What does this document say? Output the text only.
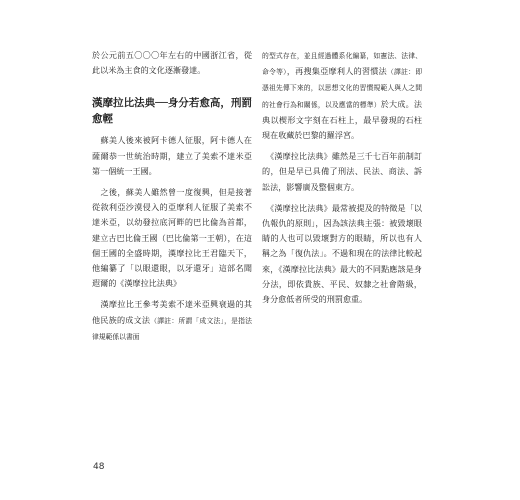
於公元前五〇〇〇年左右的中國浙江省，從此以米為主食的文化逐漸發達。

漢摩拉比法典──身分若愈高，刑罰愈輕

　蘇美人後來被阿卡德人征服，阿卡德人在薩爾恭一世統治時期，建立了美索不達米亞第一個統一王國。

　之後，蘇美人雖然曾一度復興，但是接著從敘利亞沙漠侵入的亞摩利人征服了美索不達米亞，以幼發拉底河畔的巴比倫為首都，建立古巴比倫王國（巴比倫第一王朝），在這個王國的全盛時期，漢摩拉比王君臨天下，他編纂了「以眼還眼，以牙還牙」這部名聞遐爾的《漢摩拉比法典》

　漢摩拉比王參考美索不達米亞興衰過的其他民族的成文法（譯註：所謂「成文法」，是指法律規範係以書面

的型式存在，並且經過體系化編纂，如憲法、法律、命令等），再搜集亞摩利人的習慣法（譯註：即憑祖先傳下來的，以思想文化的習慣規範人與人之間的社會行為和關係，以及應當的標準）於大成。法典以楔形文字刻在石柱上，最早發現的石柱現在收藏於巴黎的羅浮宮。

　《漢摩拉比法典》雖然是三千七百年前制訂的，但是早已具備了刑法、民法、商法、訴訟法，影響廣及整個東方。

　《漢摩拉比法典》最常被提及的特徵是「以仇報仇的原則」，因為該法典主張：被毀壞眼睛的人也可以毀壞對方的眼睛，所以也有人稱之為「復仇法」。不過和現在的法律比較起來，《漢摩拉比法典》最大的不同點應該是身分法，即依貴族、平民、奴隸之社會階級，身分愈低者所受的刑罰愈重。

48
